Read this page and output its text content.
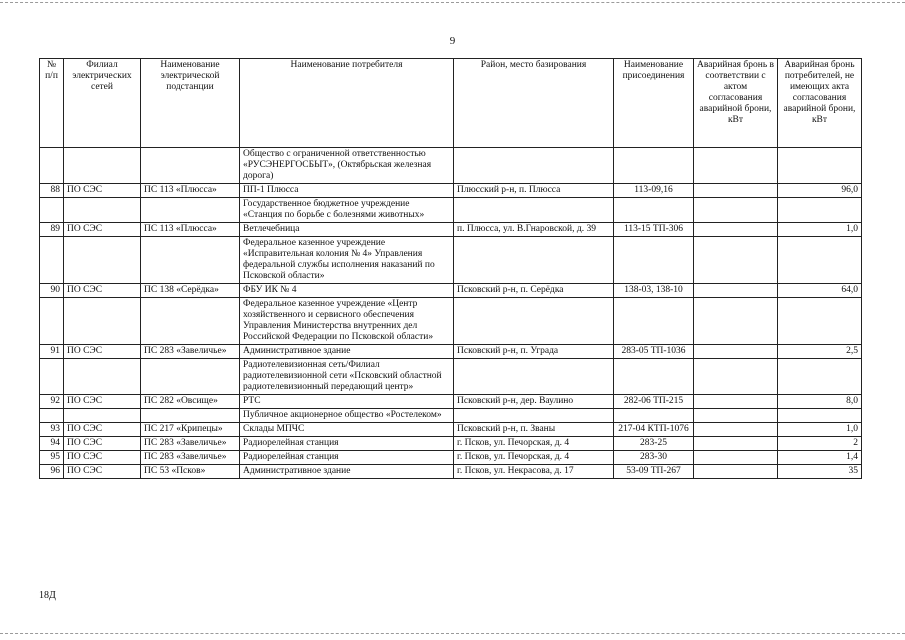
9
№ п/п	Филиал электрических сетей	Наименование электрической подстанции	Наименование потребителя	Район, место базирования	Наименование присоединения	Аварийная бронь в соответствии с актом согласования аварийной брони, кВт	Аварийная бронь потребителей, не имеющих акта согласования аварийной брони, кВт
			Общество с ограниченной ответственностью «РУСЭНЕРГОСБЫТ», (Октябрьская железная дорога)				
88	ПО СЭС	ПС 113 «Плюсса»	ПП-1 Плюсса	Плюсский р-н, п. Плюсса	113-09,16		96,0
			Государственное бюджетное учреждение «Станция по борьбе с болезнями животных»				
89	ПО СЭС	ПС 113 «Плюсса»	Ветлечебница	п. Плюсса, ул. В.Гнаровской, д. 39	113-15 ТП-306		1,0
			Федеральное казенное учреждение «Исправительная колония № 4» Управления федеральной службы исполнения наказаний по Псковской области»				
90	ПО СЭС	ПС 138 «Серёдка»	ФБУ ИК № 4	Псковский р-н, п. Серёдка	138-03, 138-10		64,0
			Федеральное казенное учреждение «Центр хозяйственного и сервисного обеспечения Управления Министерства внутренних дел Российской Федерации по Псковской области»				
91	ПО СЭС	ПС 283 «Завеличье»	Административное здание	Псковский р-н, п. Уграда	283-05 ТП-1036		2,5
			Радиотелевизионная сеть/Филиал радиотелевизионной сети «Псковский областной радиотелевизионный передающий центр»				
92	ПО СЭС	ПС 282 «Овсище»	РТС	Псковский р-н, дер. Ваулино	282-06 ТП-215		8,0
			Публичное акционерное общество «Ростелеком»				
93	ПО СЭС	ПС 217 «Крипецы»	Склады МПЧС	Псковский р-н, п. Званы	217-04 КТП-1076		1,0
94	ПО СЭС	ПС 283 «Завеличье»	Радиорелейная станция	г. Псков, ул. Печорская, д. 4	283-25		2
95	ПО СЭС	ПС 283 «Завеличье»	Радиорелейная станция	г. Псков, ул. Печорская, д. 4	283-30		1,4
96	ПО СЭС	ПС 53 «Псков»	Административное здание	г. Псков, ул. Некрасова, д. 17	53-09 ТП-267		35
18Д
